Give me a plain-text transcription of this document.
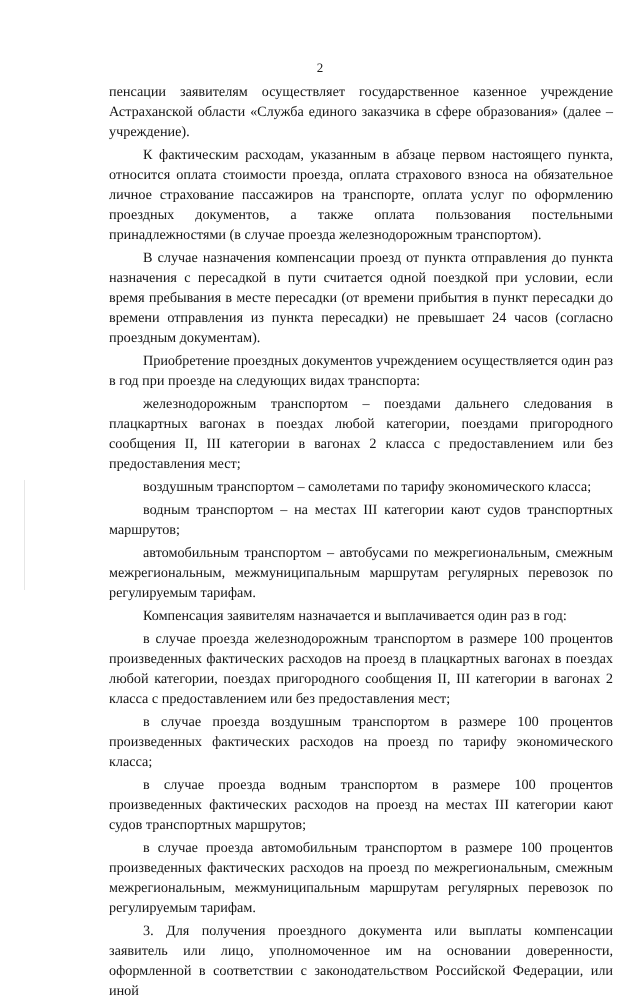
2

пенсации заявителям осуществляет государственное казенное учреждение Астраханской области «Служба единого заказчика в сфере образования» (далее – учреждение).

К фактическим расходам, указанным в абзаце первом настоящего пункта, относится оплата стоимости проезда, оплата страхового взноса на обязательное личное страхование пассажиров на транспорте, оплата услуг по оформлению проездных документов, а также оплата пользования постельными принадлежностями (в случае проезда железнодорожным транспортом).

В случае назначения компенсации проезд от пункта отправления до пункта назначения с пересадкой в пути считается одной поездкой при условии, если время пребывания в месте пересадки (от времени прибытия в пункт пересадки до времени отправления из пункта пересадки) не превышает 24 часов (согласно проездным документам).

Приобретение проездных документов учреждением осуществляется один раз в год при проезде на следующих видах транспорта:

железнодорожным транспортом – поездами дальнего следования в плацкартных вагонах в поездах любой категории, поездами пригородного сообщения II, III категории в вагонах 2 класса с предоставлением или без предоставления мест;

воздушным транспортом – самолетами по тарифу экономического класса;

водным транспортом – на местах III категории кают судов транспортных маршрутов;

автомобильным транспортом – автобусами по межрегиональным, смежным межрегиональным, межмуниципальным маршрутам регулярных перевозок по регулируемым тарифам.

Компенсация заявителям назначается и выплачивается один раз в год:

в случае проезда железнодорожным транспортом в размере 100 процентов произведенных фактических расходов на проезд в плацкартных вагонах в поездах любой категории, поездах пригородного сообщения II, III категории в вагонах 2 класса с предоставлением или без предоставления мест;

в случае проезда воздушным транспортом в размере 100 процентов произведенных фактических расходов на проезд по тарифу экономического класса;

в случае проезда водным транспортом в размере 100 процентов произведенных фактических расходов на проезд на местах III категории кают судов транспортных маршрутов;

в случае проезда автомобильным транспортом в размере 100 процентов произведенных фактических расходов на проезд по межрегиональным, смежным межрегиональным, межмуниципальным маршрутам регулярных перевозок по регулируемым тарифам.

3. Для получения проездного документа или выплаты компенсации заявитель или лицо, уполномоченное им на основании доверенности, оформленной в соответствии с законодательством Российской Федерации, или иной
